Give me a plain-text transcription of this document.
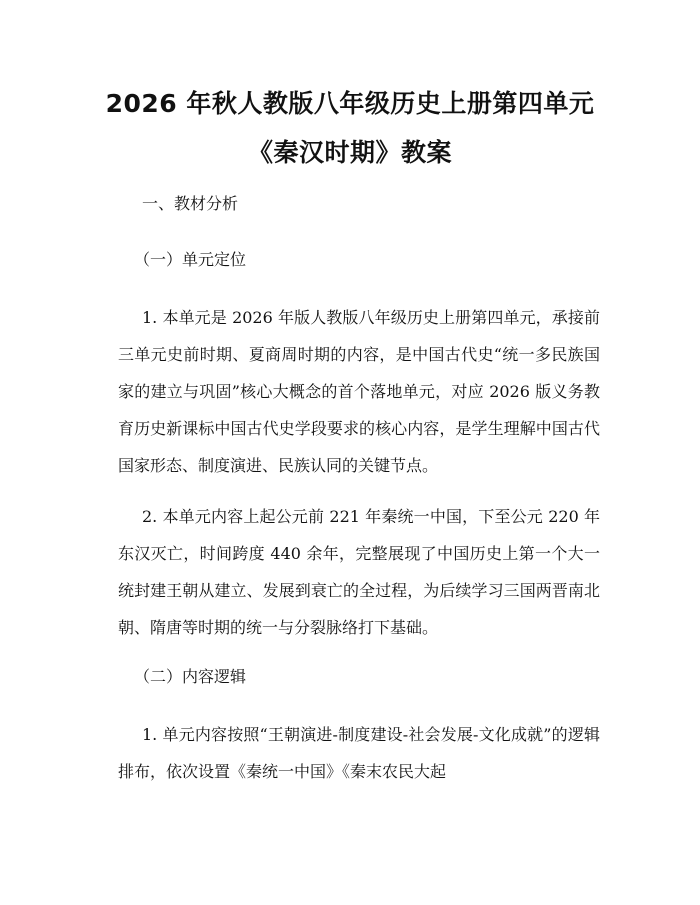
2026 年秋人教版八年级历史上册第四单元
《秦汉时期》教案

一、教材分析

（一）单元定位

1. 本单元是 2026 年版人教版八年级历史上册第四单元，承接前三单元史前时期、夏商周时期的内容，是中国古代史“统一多民族国家的建立与巩固”核心大概念的首个落地单元，对应 2026 版义务教育历史新课标中国古代史学段要求的核心内容，是学生理解中国古代国家形态、制度演进、民族认同的关键节点。

2. 本单元内容上起公元前 221 年秦统一中国，下至公元 220 年东汉灭亡，时间跨度 440 余年，完整展现了中国历史上第一个大一统封建王朝从建立、发展到衰亡的全过程，为后续学习三国两晋南北朝、隋唐等时期的统一与分裂脉络打下基础。

（二）内容逻辑

1. 单元内容按照“王朝演进-制度建设-社会发展-文化成就”的逻辑排布，依次设置《秦统一中国》《秦末农民大起
